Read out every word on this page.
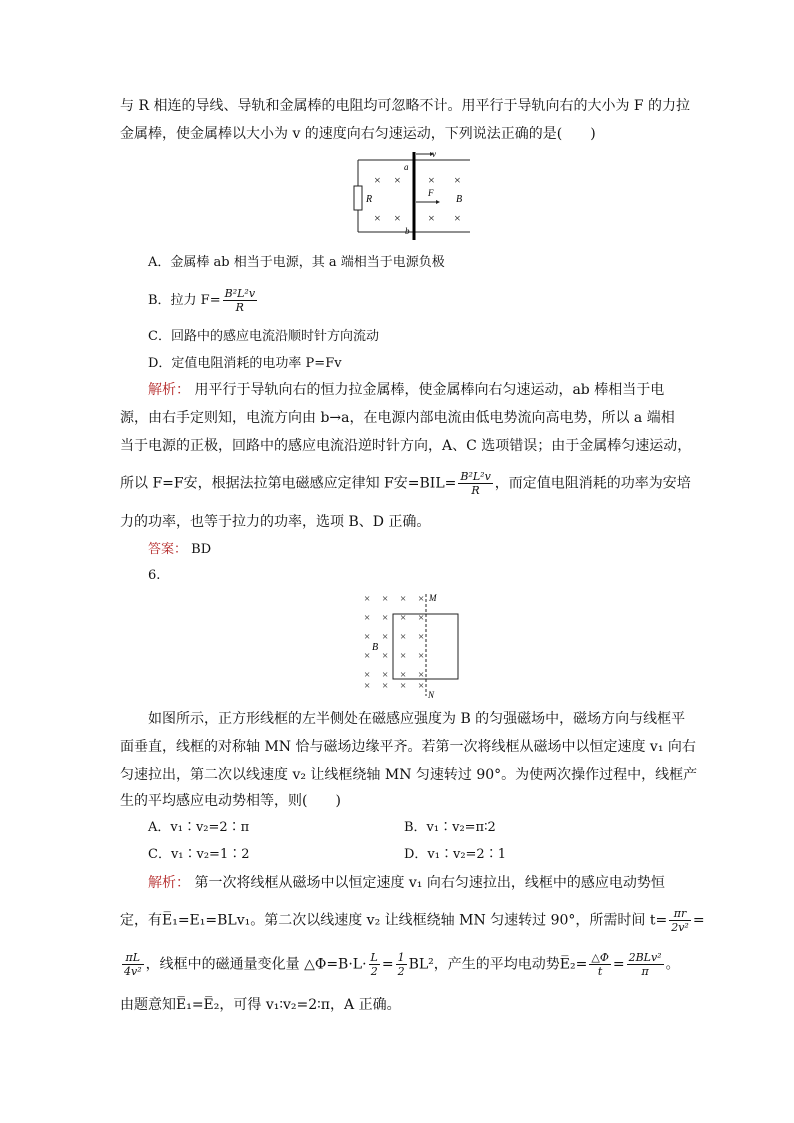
与 R 相连的导线、导轨和金属棒的电阻均可忽略不计。用平行于导轨向右的大小为 F 的力拉
金属棒，使金属棒以大小为 v 的速度向右匀速运动，下列说法正确的是(　　)
R
a
b
v
F
× × × ×
× × × ×
B
A．金属棒 ab 相当于电源，其 a 端相当于电源负极
B．拉力 $F= \frac{\text{B²L²v}}{R}$
C．回路中的感应电流沿顺时针方向流动
D．定值电阻消耗的电功率 P=Fv
解析： 用平行于导轨向右的恒力拉金属棒，使金属棒向右匀速运动，ab 棒相当于电
源，由右手定则知，电流方向由 b→a，在电源内部电流由低电势流向高电势，所以 a 端相
当于电源的正极，回路中的感应电流沿逆时针方向，A、C 选项错误；由于金属棒匀速运动，
所以 F=F安，根据法拉第电磁感应定律知 F安$=BIL= \frac{\text{B²L²v}}{R}$ ，而定值电阻消耗的功率为安培
力的功率，也等于拉力的功率，选项 B、D 正确。
答案： BD
6.
× × × ×
× × × ×
× × × ×
× × × ×
× × × ×
× × × ×
B
M
N
如图所示，正方形线框的左半侧处在磁感应强度为 B 的匀强磁场中，磁场方向与线框平
面垂直，线框的对称轴 MN 恰与磁场边缘平齐。若第一次将线框从磁场中以恒定速度 v₁ 向右
匀速拉出，第二次以线速度 v₂ 让线框绕轴 MN 匀速转过 90°。为使两次操作过程中，线框产
生的平均感应电动势相等，则(　　)
A．v₁∶v₂=2∶π	B．v₁∶v₂=π∶2
C．v₁∶v₂=1∶2	D．v₁∶v₂=2∶1
解析： 第一次将线框从磁场中以恒定速度 v₁ 向右匀速拉出，线框中的感应电动势恒
定，有E̅₁=E₁=BLv₁。第二次以线速度 v₂ 让线框绕轴 MN 匀速转过 90°，所需时间 $t= \frac{\pi r}{\text{2v²}}$ =
$\frac{\pi L}{\text{4v²}}$ ，线框中的磁通量变化量 △Φ=B·L· $\frac{L}{2} = \frac{1}{2} BL^2$，产生的平均电动势E̅₂= $\frac{\triangle\Phi}{t} = \frac{\text{2BLv²}}{\pi}$ 。
由题意知E̅₁=E̅₂，可得 v₁∶v₂=2∶π，A 正确。
